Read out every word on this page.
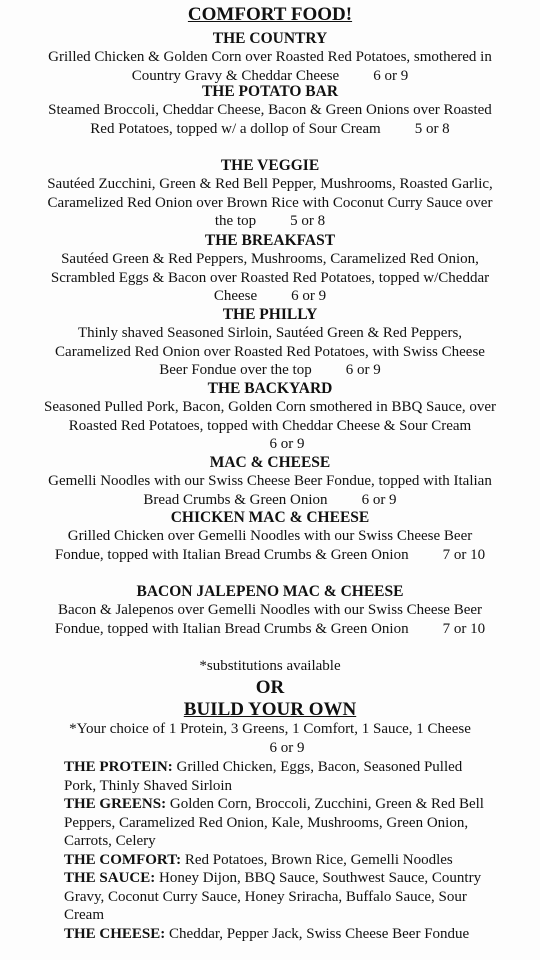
COMFORT FOOD!
THE COUNTRY
Grilled Chicken & Golden Corn over Roasted Red Potatoes, smothered in Country Gravy & Cheddar Cheese 6 or 9
THE POTATO BAR
Steamed Broccoli, Cheddar Cheese, Bacon & Green Onions over Roasted Red Potatoes, topped w/ a dollop of Sour Cream 5 or 8
THE VEGGIE
Sautéed Zucchini, Green & Red Bell Pepper, Mushrooms, Roasted Garlic, Caramelized Red Onion over Brown Rice with Coconut Curry Sauce over the top 5 or 8
THE BREAKFAST
Sautéed Green & Red Peppers, Mushrooms, Caramelized Red Onion, Scrambled Eggs & Bacon over Roasted Red Potatoes, topped w/Cheddar Cheese 6 or 9
THE PHILLY
Thinly shaved Seasoned Sirloin, Sautéed Green & Red Peppers, Caramelized Red Onion over Roasted Red Potatoes, with Swiss Cheese Beer Fondue over the top 6 or 9
THE BACKYARD
Seasoned Pulled Pork, Bacon, Golden Corn smothered in BBQ Sauce, over Roasted Red Potatoes, topped with Cheddar Cheese & Sour Cream6 or 9
MAC & CHEESE
Gemelli Noodles with our Swiss Cheese Beer Fondue, topped with Italian Bread Crumbs & Green Onion 6 or 9
CHICKEN MAC & CHEESE
Grilled Chicken over Gemelli Noodles with our Swiss Cheese Beer Fondue, topped with Italian Bread Crumbs & Green Onion 7 or 10
BACON JALEPENO MAC & CHEESE
Bacon & Jalepenos over Gemelli Noodles with our Swiss Cheese Beer Fondue, topped with Italian Bread Crumbs & Green Onion 7 or 10
*substitutions available
OR
BUILD YOUR OWN
*Your choice of 1 Protein, 3 Greens, 1 Comfort, 1 Sauce, 1 Cheese6 or 9
THE PROTEIN: Grilled Chicken, Eggs, Bacon, Seasoned Pulled Pork, Thinly Shaved Sirloin
THE GREENS: Golden Corn, Broccoli, Zucchini, Green & Red Bell Peppers, Caramelized Red Onion, Kale, Mushrooms, Green Onion, Carrots, Celery
THE COMFORT: Red Potatoes, Brown Rice, Gemelli Noodles
THE SAUCE: Honey Dijon, BBQ Sauce, Southwest Sauce, Country Gravy, Coconut Curry Sauce, Honey Sriracha, Buffalo Sauce, Sour Cream
THE CHEESE: Cheddar, Pepper Jack, Swiss Cheese Beer Fondue
